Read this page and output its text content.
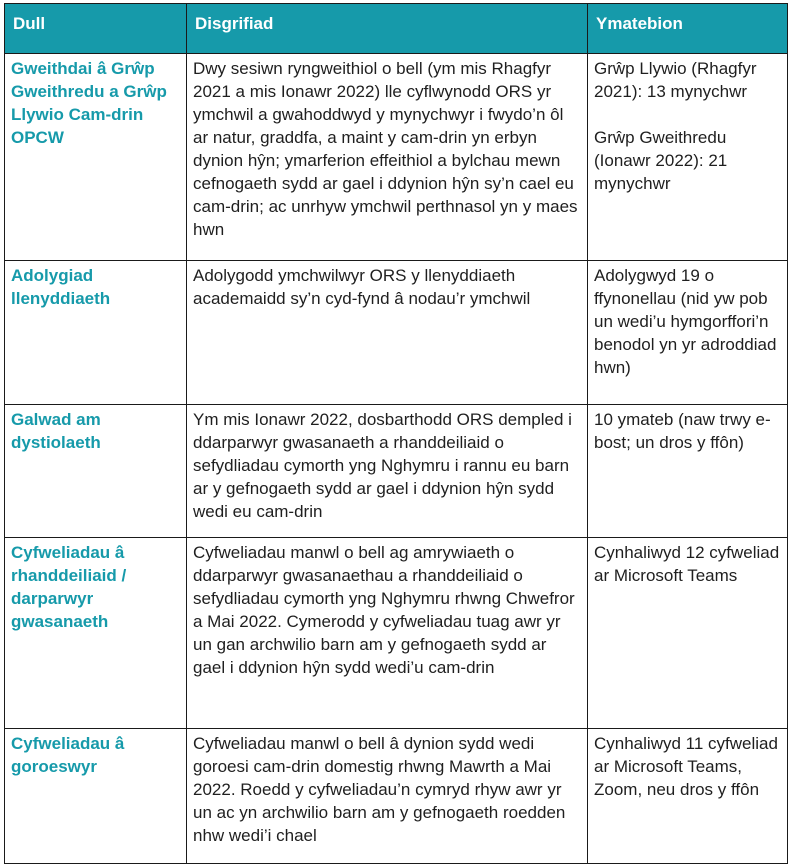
Dull	Disgrifiad	Ymatebion
Gweithdai â Grŵp Gweithredu a Grŵp Llywio Cam-drin OPCW	Dwy sesiwn ryngweithiol o bell (ym mis Rhagfyr 2021 a mis Ionawr 2022) lle cyflwynodd ORS yr ymchwil a gwahoddwyd y mynychwyr i fwydo’n ôl ar natur, graddfa, a maint y cam-drin yn erbyn dynion hŷn; ymarferion effeithiol a bylchau mewn cefnogaeth sydd ar gael i ddynion hŷn sy’n cael eu cam-drin; ac unrhyw ymchwil perthnasol yn y maes hwn	Grŵp Llywio (Rhagfyr 2021): 13 mynychwr
Grŵp Gweithredu (Ionawr 2022): 21 mynychwr

Adolygiad llenyddiaeth	Adolygodd ymchwilwyr ORS y llenyddiaeth academaidd sy’n cyd-fynd â nodau’r ymchwil	Adolygwyd 19 o ffynonellau (nid yw pob un wedi’u hymgorffori’n benodol yn yr adroddiad hwn)

Galwad am dystiolaeth	Ym mis Ionawr 2022, dosbarthodd ORS dempled i ddarparwyr gwasanaeth a rhanddeiliaid o sefydliadau cymorth yng Nghymru i rannu eu barn ar y gefnogaeth sydd ar gael i ddynion hŷn sydd wedi eu cam-drin	10 ymateb (naw trwy e-bost; un dros y ffôn)

Cyfweliadau â rhanddeiliaid / darparwyr gwasanaeth	Cyfweliadau manwl o bell ag amrywiaeth o ddarparwyr gwasanaethau a rhanddeiliaid o sefydliadau cymorth yng Nghymru rhwng Chwefror a Mai 2022. Cymerodd y cyfweliadau tuag awr yr un gan archwilio barn am y gefnogaeth sydd ar gael i ddynion hŷn sydd wedi’u cam-drin	Cynhaliwyd 12 cyfweliad ar Microsoft Teams

Cyfweliadau â goroeswyr	Cyfweliadau manwl o bell â dynion sydd wedi goroesi cam-drin domestig rhwng Mawrth a Mai 2022. Roedd y cyfweliadau’n cymryd rhyw awr yr un ac yn archwilio barn am y gefnogaeth roedden nhw wedi’i chael	Cynhaliwyd 11 cyfweliad ar Microsoft Teams, Zoom, neu dros y ffôn
